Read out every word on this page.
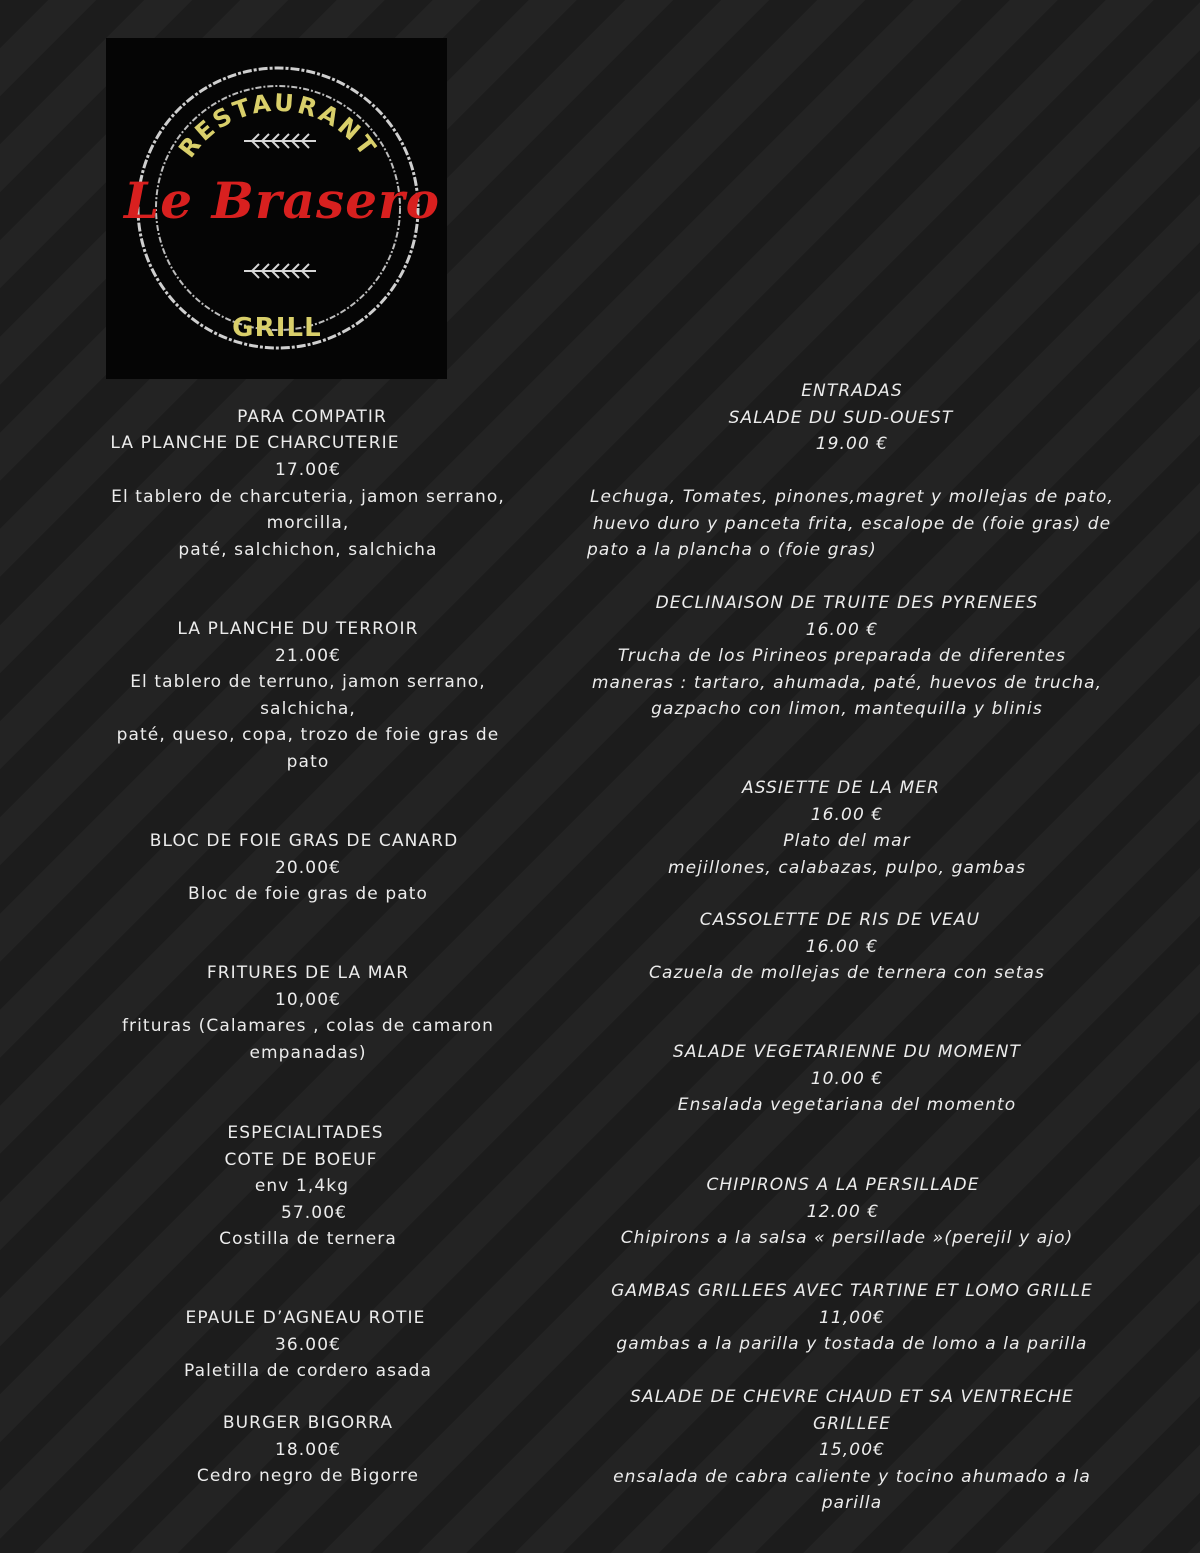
RESTAURANT
Le Brasero
GRILL
PARA COMPATIR
LA PLANCHE DE CHARCUTERIE
17.00€
El tablero de charcuteria, jamon serrano,
morcilla,
paté, salchichon, salchicha
LA PLANCHE DU TERROIR
21.00€
El tablero de terruno, jamon serrano,
salchicha,
paté, queso, copa, trozo de foie gras de
pato
BLOC DE FOIE GRAS DE CANARD
20.00€
Bloc de foie gras de pato
FRITURES DE LA MAR
10,00€
frituras (Calamares , colas de camaron
empanadas)
ESPECIALITADES
COTE DE BOEUF
env 1,4kg
57.00€
Costilla de ternera
EPAULE D’AGNEAU ROTIE
36.00€
Paletilla de cordero asada
BURGER BIGORRA
18.00€
Cedro negro de Bigorre
ENTRADAS
SALADE DU SUD-OUEST
19.00 €
Lechuga, Tomates, pinones,magret y mollejas de pato,
huevo duro y panceta frita, escalope de (foie gras) de
pato a la plancha o (foie gras)
DECLINAISON DE TRUITE DES PYRENEES
16.00 €
Trucha de los Pirineos preparada de diferentes
maneras : tartaro, ahumada, paté, huevos de trucha,
gazpacho con limon, mantequilla y blinis
ASSIETTE DE LA MER
16.00 €
Plato del mar
mejillones, calabazas, pulpo, gambas
CASSOLETTE DE RIS DE VEAU
16.00 €
Cazuela de mollejas de ternera con setas
SALADE VEGETARIENNE DU MOMENT
10.00 €
Ensalada vegetariana del momento
CHIPIRONS A LA PERSILLADE
12.00 €
Chipirons a la salsa « persillade »(perejil y ajo)
GAMBAS GRILLEES AVEC TARTINE ET LOMO GRILLE
11,00€
gambas a la parilla y tostada de lomo a la parilla
SALADE DE CHEVRE CHAUD ET SA VENTRECHE GRILLEE
15,00€
ensalada de cabra caliente y tocino ahumado a la
parilla
